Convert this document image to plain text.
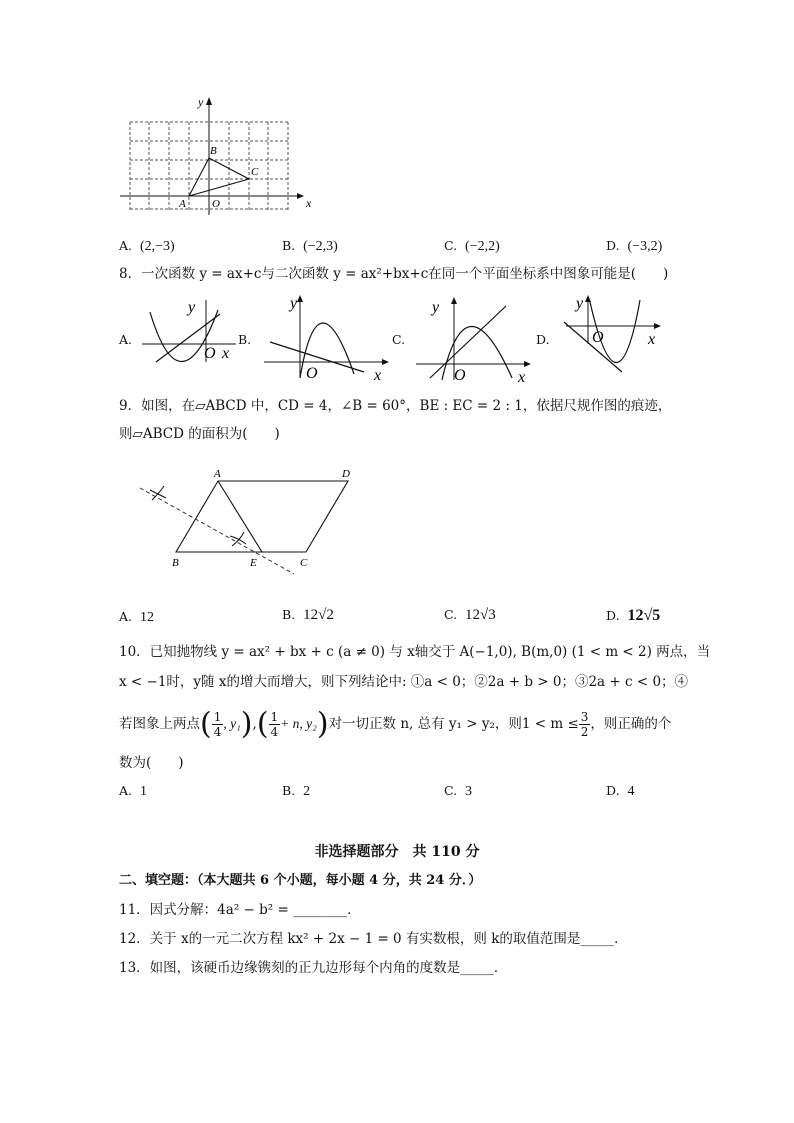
y
x
B
C
A O
A. (2,−3)	B. (−2,3)	C. (−2,2)	D. (−3,2)
8．一次函数 y = ax+c与二次函数 y = ax²+bx+c在同一个平面坐标系中图象可能是(　　)
A.
y
O x
B.
y
O	x
C.
y
O	x
D.
y
O	x
9．如图，在▱ABCD 中，CD = 4，∠B = 60°，BE : EC = 2 : 1，依据尺规作图的痕迹，
则▱ABCD 的面积为(　　)
A	D
B	E	C
A. 12	B. 12√2	C. 12√3	D. 12√5
10．已知抛物线 y = ax² + bx + c (a ≠ 0) 与 x轴交于 A(−1,0), B(m,0) (1 < m < 2) 两点，当
x < −1时，y随 x的增大而增大，则下列结论中: ①a < 0；②2a + b > 0；③2a + c < 0；④
若图象上两点( $\frac{1}{4}$ , $y_1),( \frac{1}{4} + n$, y₂)对一切正数 n, 总有 y₁ > y₂，则$1 < m \le \frac{3}{2}$ ，则正确的个
数为(　　)
A. 1	B. 2	C. 3	D. 4
非选择题部分　共 110 分
二、填空题：（本大题共 6 个小题，每小题 4 分，共 24 分．）
11．因式分解：4a² − b² = ________．
12．关于 x的一元二次方程 kx² + 2x − 1 = 0 有实数根，则 k的取值范围是_____．
13．如图，该硬币边缘镌刻的正九边形每个内角的度数是_____．
